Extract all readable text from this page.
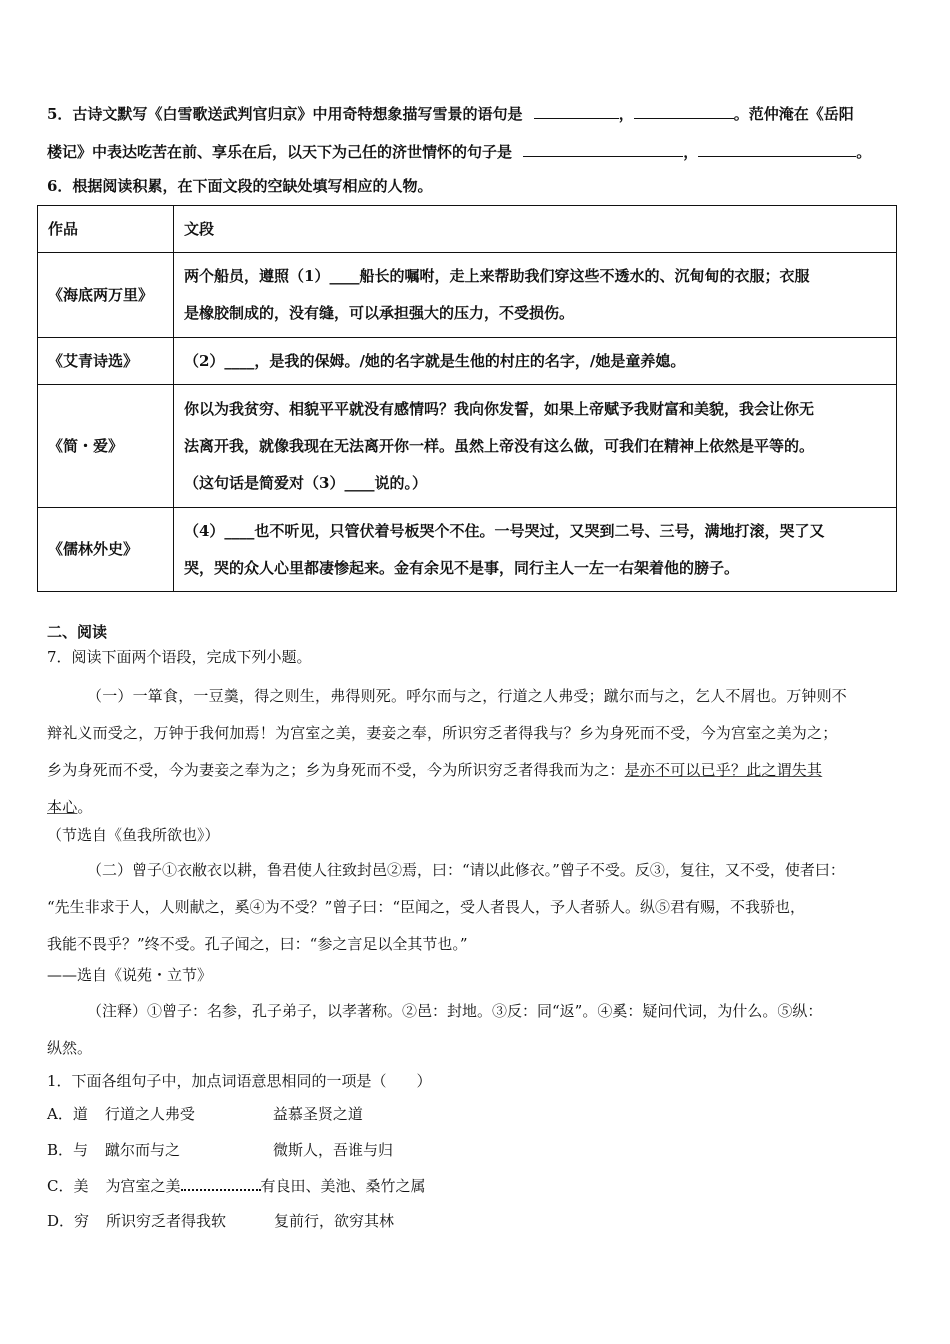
5．古诗文默写《白雪歌送武判官归京》中用奇特想象描写雪景的语句是	，	。范仲淹在《岳阳
楼记》中表达吃苦在前、享乐在后，以天下为己任的济世情怀的句子是	，	。
6．根据阅读积累，在下面文段的空缺处填写相应的人物。
作品	文段
《海底两万里》	两个船员，遵照（1）____船长的嘱咐，走上来帮助我们穿这些不透水的、沉甸甸的衣服；衣服
是橡胶制成的，没有缝，可以承担强大的压力，不受损伤。

《艾青诗选》	（2）____，是我的保姆。/她的名字就是生他的村庄的名字，/她是童养媳。

《简・爱》	你以为我贫穷、相貌平平就没有感情吗？我向你发誓，如果上帝赋予我财富和美貌，我会让你无
法离开我，就像我现在无法离开你一样。虽然上帝没有这么做，可我们在精神上依然是平等的。
（这句话是简爱对（3）____说的。）

《儒林外史》	（4）____也不听见，只管伏着号板哭个不住。一号哭过，又哭到二号、三号，满地打滚，哭了又
哭，哭的众人心里都凄惨起来。金有余见不是事，同行主人一左一右架着他的膀子。
二、阅读
7．阅读下面两个语段，完成下列小题。
（一）一箪食，一豆羹，得之则生，弗得则死。呼尔而与之，行道之人弗受；蹴尔而与之，乞人不屑也。万钟则不
辩礼义而受之，万钟于我何加焉！为宫室之美，妻妾之奉，所识穷乏者得我与？乡为身死而不受，今为宫室之美为之；
乡为身死而不受，今为妻妾之奉为之；乡为身死而不受，今为所识穷乏者得我而为之：是亦不可以已乎？此之谓失其
本心。
（节选自《鱼我所欲也》）
（二）曾子①衣敝衣以耕，鲁君使人往致封邑②焉，曰：“请以此修衣。”曾子不受。反③，复往，又不受，使者曰：
“先生非求于人，人则献之，奚④为不受？”曾子曰：“臣闻之，受人者畏人，予人者骄人。纵⑤君有赐，不我骄也，
我能不畏乎？”终不受。孔子闻之，曰：“参之言足以全其节也。”
——选自《说苑・立节》
（注释）①曾子：名参，孔子弟子，以孝著称。②邑：封地。③反：同“返”。④奚：疑问代词，为什么。⑤纵：
纵然。
1．下面各组句子中，加点词语意思相同的一项是（　　）
A．道 行道之人弗受	益慕圣贤之道
B．与 蹴尔而与之	微斯人，吾谁与归
C．美 为宫室之美	有良田、美池、桑竹之属
D．穷 所识穷乏者得我软	复前行，欲穷其林
